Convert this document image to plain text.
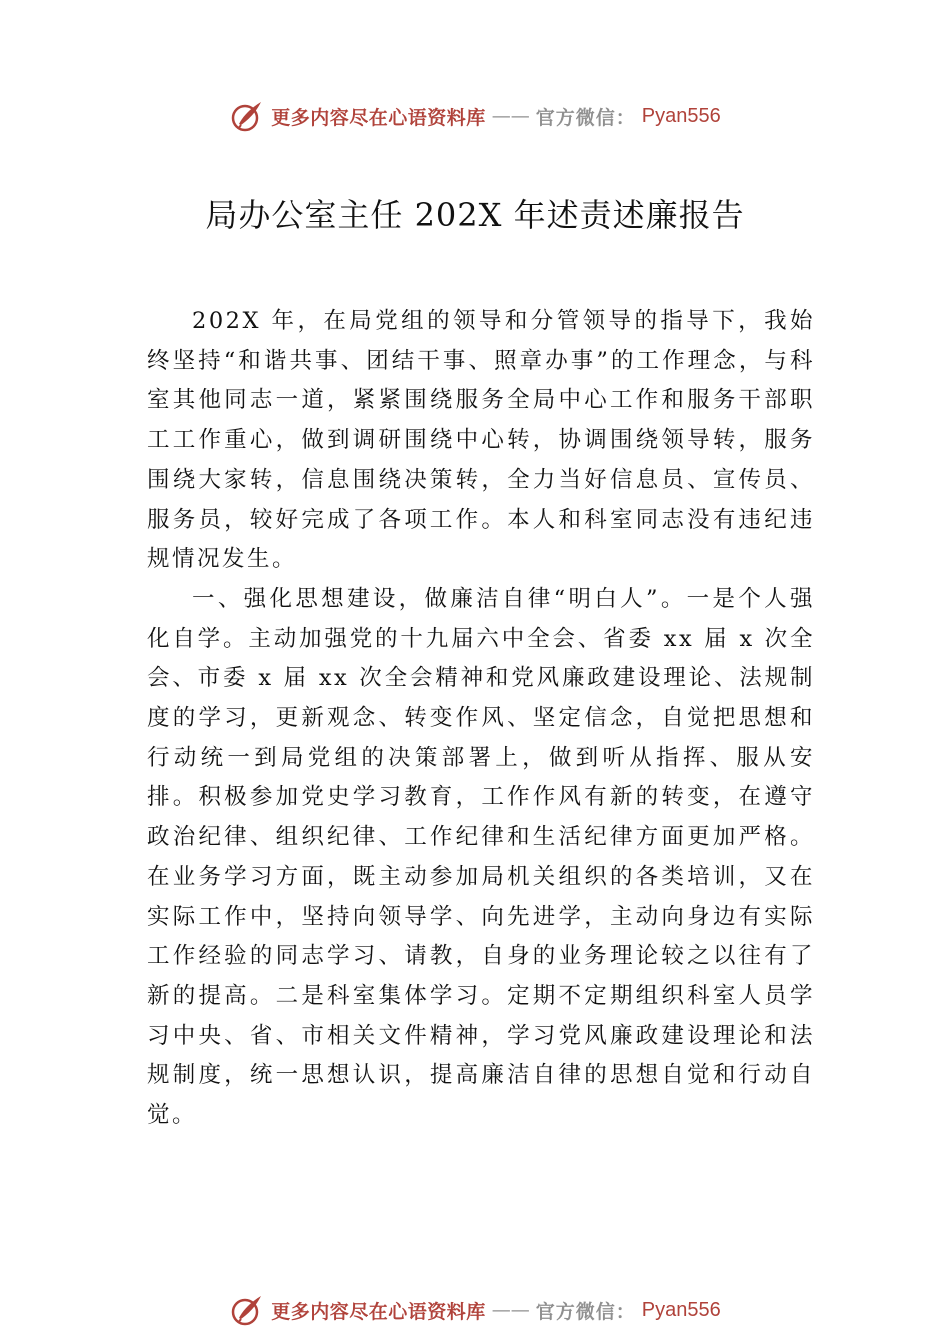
更多内容尽在心语资料库 —— 官方微信： Pyan556
局办公室主任 202X 年述责述廉报告

202X 年，在局党组的领导和分管领导的指导下，我始终坚持“和谐共事、团结干事、照章办事”的工作理念，与科室其他同志一道，紧紧围绕服务全局中心工作和服务干部职工工作重心，做到调研围绕中心转，协调围绕领导转，服务围绕大家转，信息围绕决策转，全力当好信息员、宣传员、服务员，较好完成了各项工作。本人和科室同志没有违纪违规情况发生。

一、强化思想建设，做廉洁自律“明白人”。一是个人强化自学。主动加强党的十九届六中全会、省委 xx 届 x 次全会、市委 x 届 xx 次全会精神和党风廉政建设理论、法规制度的学习，更新观念、转变作风、坚定信念，自觉把思想和行动统一到局党组的决策部署上，做到听从指挥、服从安排。积极参加党史学习教育，工作作风有新的转变，在遵守政治纪律、组织纪律、工作纪律和生活纪律方面更加严格。在业务学习方面，既主动参加局机关组织的各类培训，又在实际工作中，坚持向领导学、向先进学，主动向身边有实际工作经验的同志学习、请教，自身的业务理论较之以往有了新的提高。二是科室集体学习。定期不定期组织科室人员学习中央、省、市相关文件精神，学习党风廉政建设理论和法规制度，统一思想认识，提高廉洁自律的思想自觉和行动自觉。

更多内容尽在心语资料库 —— 官方微信： Pyan556
